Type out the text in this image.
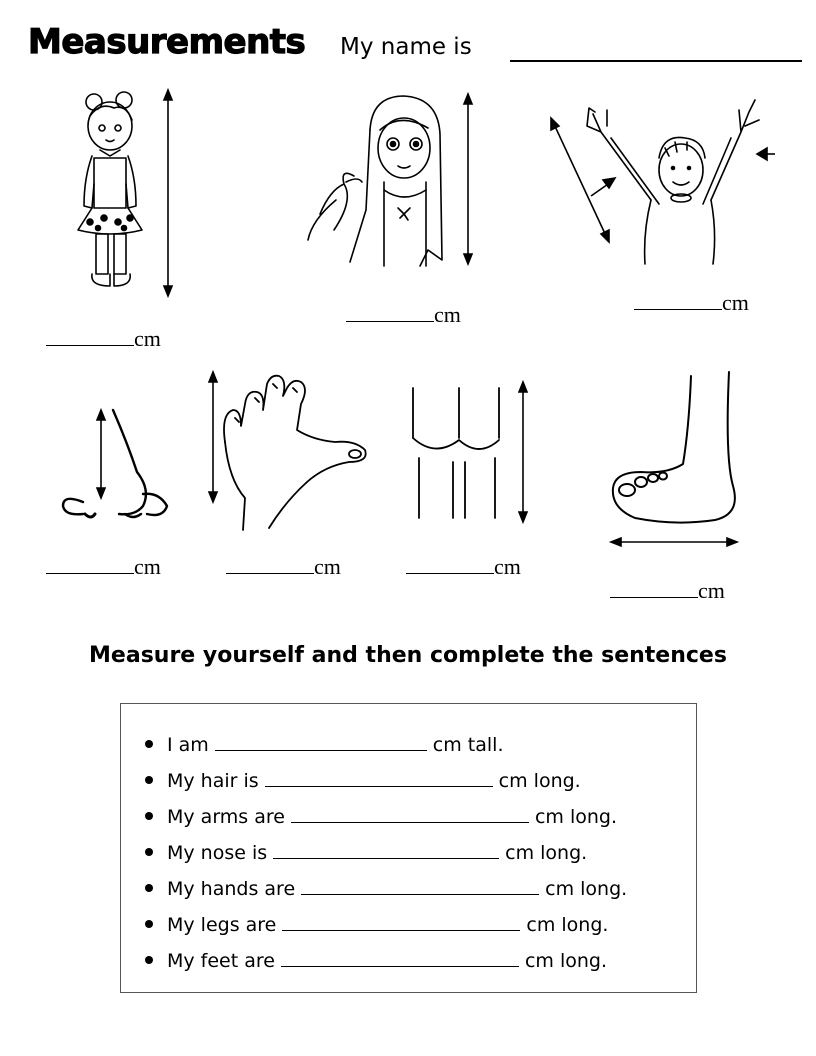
Measurements My name is
cm
cm	cm
cm	cm	cm
cm
Measure yourself and then complete the sentences
I am	cm tall.
My hair is	cm long.
My arms are	cm long.
My nose is	cm long.
My hands are	cm long.
My legs are	cm long.
My feet are	cm long.
